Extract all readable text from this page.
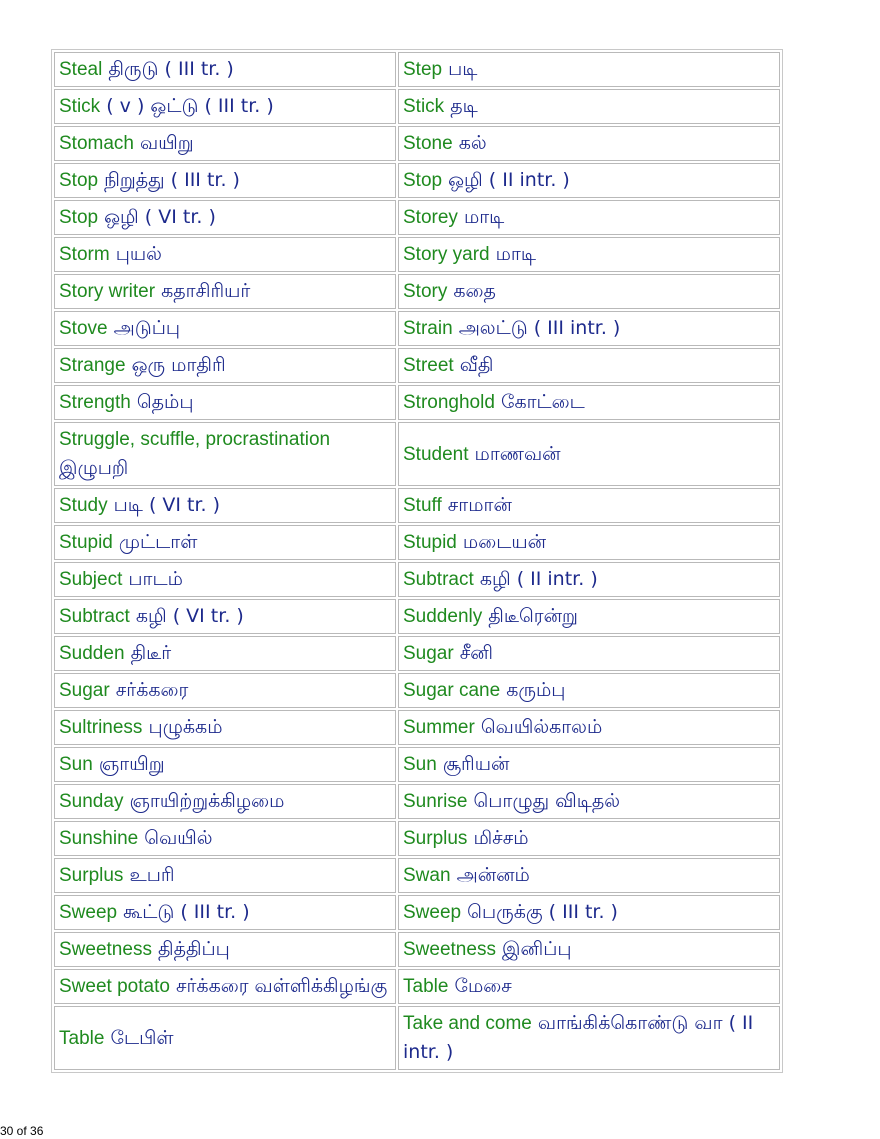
Steal திருடு ( III tr. )	Step படி
Stick ( v ) ஒட்டு ( III tr. )	Stick தடி
Stomach வயிறு	Stone கல்
Stop நிறுத்து ( III tr. )	Stop ஒழி ( II intr. )
Stop ஒழி ( VI tr. )	Storey மாடி
Storm புயல்	Story yard மாடி
Story writer கதாசிரியர்	Story கதை
Stove அடுப்பு	Strain அலட்டு ( III intr. )
Strange ஒரு மாதிரி	Street வீதி
Strength தெம்பு	Stronghold கோட்டை
Struggle, scuffle, procrastination இழுபறி	Student மாணவன்
Study படி ( VI tr. )	Stuff சாமான்
Stupid முட்டாள்	Stupid மடையன்
Subject பாடம்	Subtract கழி ( II intr. )
Subtract கழி ( VI tr. )	Suddenly திடீரென்று
Sudden திடீர்	Sugar சீனி
Sugar சர்க்கரை	Sugar cane கரும்பு
Sultriness புழுக்கம்	Summer வெயில்காலம்
Sun ஞாயிறு	Sun சூரியன்
Sunday ஞாயிற்றுக்கிழமை	Sunrise பொழுது விடிதல்
Sunshine வெயில்	Surplus மிச்சம்
Surplus உபரி	Swan அன்னம்
Sweep கூட்டு ( III tr. )	Sweep பெருக்கு ( III tr. )
Sweetness தித்திப்பு	Sweetness இனிப்பு
Sweet potato சர்க்கரை வள்ளிக்கிழங்கு	Table மேசை
Table டேபிள்	Take and come வாங்கிக்கொண்டு வா ( II intr. )
30 of 36
